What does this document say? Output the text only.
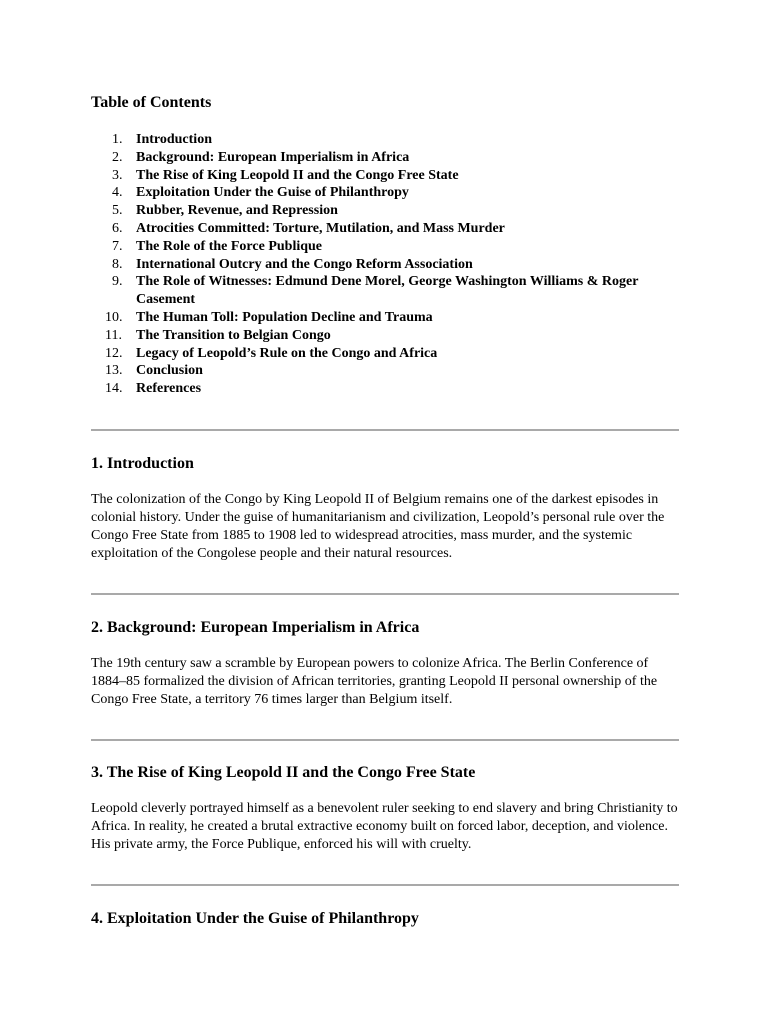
Table of Contents
1. Introduction
2. Background: European Imperialism in Africa
3. The Rise of King Leopold II and the Congo Free State
4. Exploitation Under the Guise of Philanthropy
5. Rubber, Revenue, and Repression
6. Atrocities Committed: Torture, Mutilation, and Mass Murder
7. The Role of the Force Publique
8. International Outcry and the Congo Reform Association
9. The Role of Witnesses: Edmund Dene Morel, George Washington Williams & Roger Casement
10. The Human Toll: Population Decline and Trauma
11. The Transition to Belgian Congo
12. Legacy of Leopold’s Rule on the Congo and Africa
13. Conclusion
14. References
1. Introduction

The colonization of the Congo by King Leopold II of Belgium remains one of the darkest episodes in colonial history. Under the guise of humanitarianism and civilization, Leopold’s personal rule over the Congo Free State from 1885 to 1908 led to widespread atrocities, mass murder, and the systemic exploitation of the Congolese people and their natural resources.

2. Background: European Imperialism in Africa

The 19th century saw a scramble by European powers to colonize Africa. The Berlin Conference of 1884–85 formalized the division of African territories, granting Leopold II personal ownership of the Congo Free State, a territory 76 times larger than Belgium itself.

3. The Rise of King Leopold II and the Congo Free State

Leopold cleverly portrayed himself as a benevolent ruler seeking to end slavery and bring Christianity to Africa. In reality, he created a brutal extractive economy built on forced labor, deception, and violence. His private army, the Force Publique, enforced his will with cruelty.

4. Exploitation Under the Guise of Philanthropy
